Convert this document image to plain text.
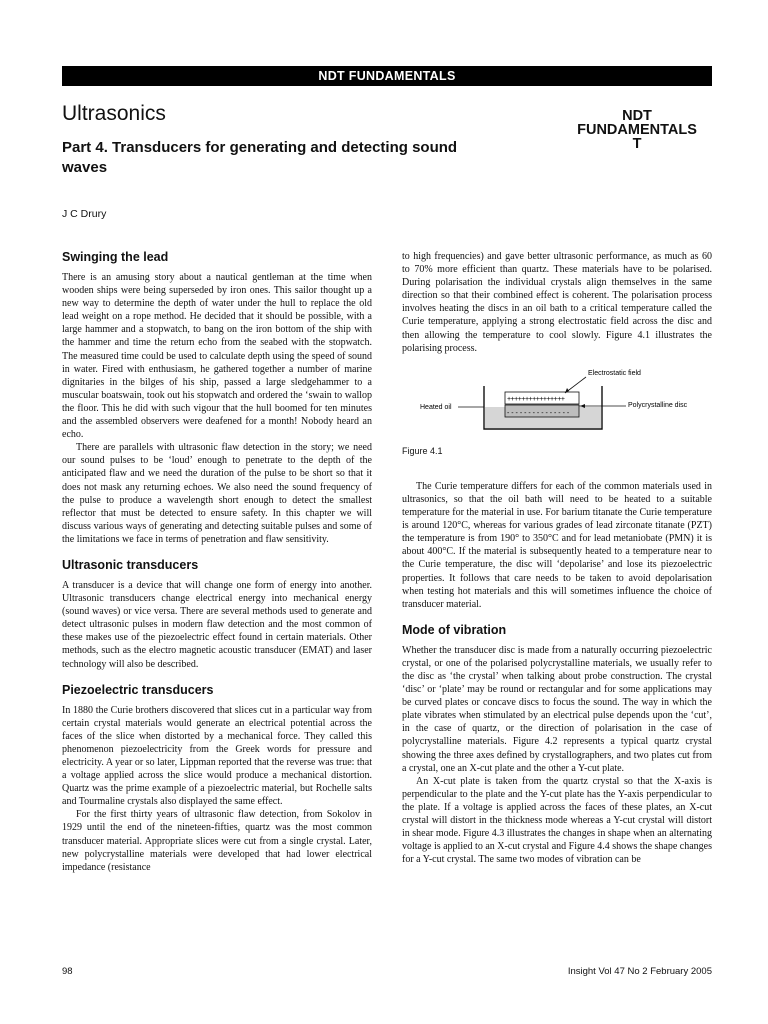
NDT FUNDAMENTALS
Ultrasonics
Part 4. Transducers for generating and detecting sound waves
NDT
FUNDAMENTALS
T
J C Drury
Swinging the lead

There is an amusing story about a nautical gentleman at the time when wooden ships were being superseded by iron ones. This sailor thought up a new way to determine the depth of water under the hull to replace the old lead weight on a rope method. He decided that it should be possible, with a large hammer and a stopwatch, to bang on the iron bottom of the ship with the hammer and time the return echo from the seabed with the stopwatch. The measured time could be used to calculate depth using the speed of sound in water. Fired with enthusiasm, he gathered together a number of marine dignitaries in the bilges of his ship, passed a large sledgehammer to a muscular boatswain, took out his stopwatch and ordered the ‘swain to wallop the floor. This he did with such vigour that the hull boomed for ten minutes and the assembled observers were deafened for a month! Nobody heard an echo.

There are parallels with ultrasonic flaw detection in the story; we need our sound pulses to be ‘loud’ enough to penetrate to the depth of the anticipated flaw and we need the duration of the pulse to be short so that it does not mask any returning echoes. We also need the sound frequency of the pulse to produce a wavelength short enough to detect the smallest reflector that must be detected to ensure safety. In this chapter we will discuss various ways of generating and detecting suitable pulses and some of the limitations we face in terms of penetration and flaw sensitivity.

Ultrasonic transducers

A transducer is a device that will change one form of energy into another. Ultrasonic transducers change electrical energy into mechanical energy (sound waves) or vice versa. There are several methods used to generate and detect ultrasonic pulses in modern flaw detection and the most common of these makes use of the piezoelectric effect found in certain materials. Other methods, such as the electro magnetic acoustic transducer (EMAT) and laser technology will also be described.

Piezoelectric transducers

In 1880 the Curie brothers discovered that slices cut in a particular way from certain crystal materials would generate an electrical potential across the faces of the slice when distorted by a mechanical force. They called this phenomenon piezoelectricity from the Greek words for pressure and electricity. A year or so later, Lippman reported that the reverse was true: that a voltage applied across the slice would produce a mechanical distortion. Quartz was the prime example of a piezoelectric material, but Rochelle salts and Tourmaline crystals also displayed the same effect.

For the first thirty years of ultrasonic flaw detection, from Sokolov in 1929 until the end of the nineteen-fifties, quartz was the most common transducer material. Appropriate slices were cut from a single crystal. Later, new polycrystalline materials were developed that had lower electrical impedance (resistance

to high frequencies) and gave better ultrasonic performance, as much as 60 to 70% more efficient than quartz. These materials have to be polarised. During polarisation the individual crystals align themselves in the same direction so that their combined effect is coherent. The polarisation process involves heating the discs in an oil bath to a critical temperature called the Curie temperature, applying a strong electrostatic field across the disc and then allowing the temperature to cool slowly. Figure 4.1 illustrates the polarising process.

Electrostatic field
++++++++++++++++
- - - - - - - - - - - - - - -
Heated oil	Polycrystalline disc
Figure 4.1

The Curie temperature differs for each of the common materials used in ultrasonics, so that the oil bath will need to be heated to a suitable temperature for the material in use. For barium titanate the Curie temperature is around 120°C, whereas for various grades of lead zirconate titanate (PZT) the temperature is from 190° to 350°C and for lead metaniobate (PMN) it is about 400°C. If the material is subsequently heated to a temperature near to the Curie temperature, the disc will ‘depolarise’ and lose its piezoelectric properties. It follows that care needs to be taken to avoid depolarisation when testing hot materials and this will sometimes influence the choice of transducer material.

Mode of vibration

Whether the transducer disc is made from a naturally occurring piezoelectric crystal, or one of the polarised polycrystalline materials, we usually refer to the disc as ‘the crystal’ when talking about probe construction. The crystal ‘disc’ or ‘plate’ may be round or rectangular and for some applications may be curved plates or concave discs to focus the sound. The way in which the plate vibrates when stimulated by an electrical pulse depends upon the ‘cut’, in the case of quartz, or the direction of polarisation in the case of polycrystalline materials. Figure 4.2 represents a typical quartz crystal showing the three axes defined by crystallographers, and two plates cut from a crystal, one an X-cut plate and the other a Y-cut plate.

An X-cut plate is taken from the quartz crystal so that the X-axis is perpendicular to the plate and the Y-cut plate has the Y-axis perpendicular to the plate. If a voltage is applied across the faces of these plates, an X-cut crystal will distort in the thickness mode whereas a Y-cut crystal will distort in shear mode. Figure 4.3 illustrates the changes in shape when an alternating voltage is applied to an X-cut crystal and Figure 4.4 shows the shape changes for a Y-cut crystal. The same two modes of vibration can be

98	Insight Vol 47 No 2 February 2005
